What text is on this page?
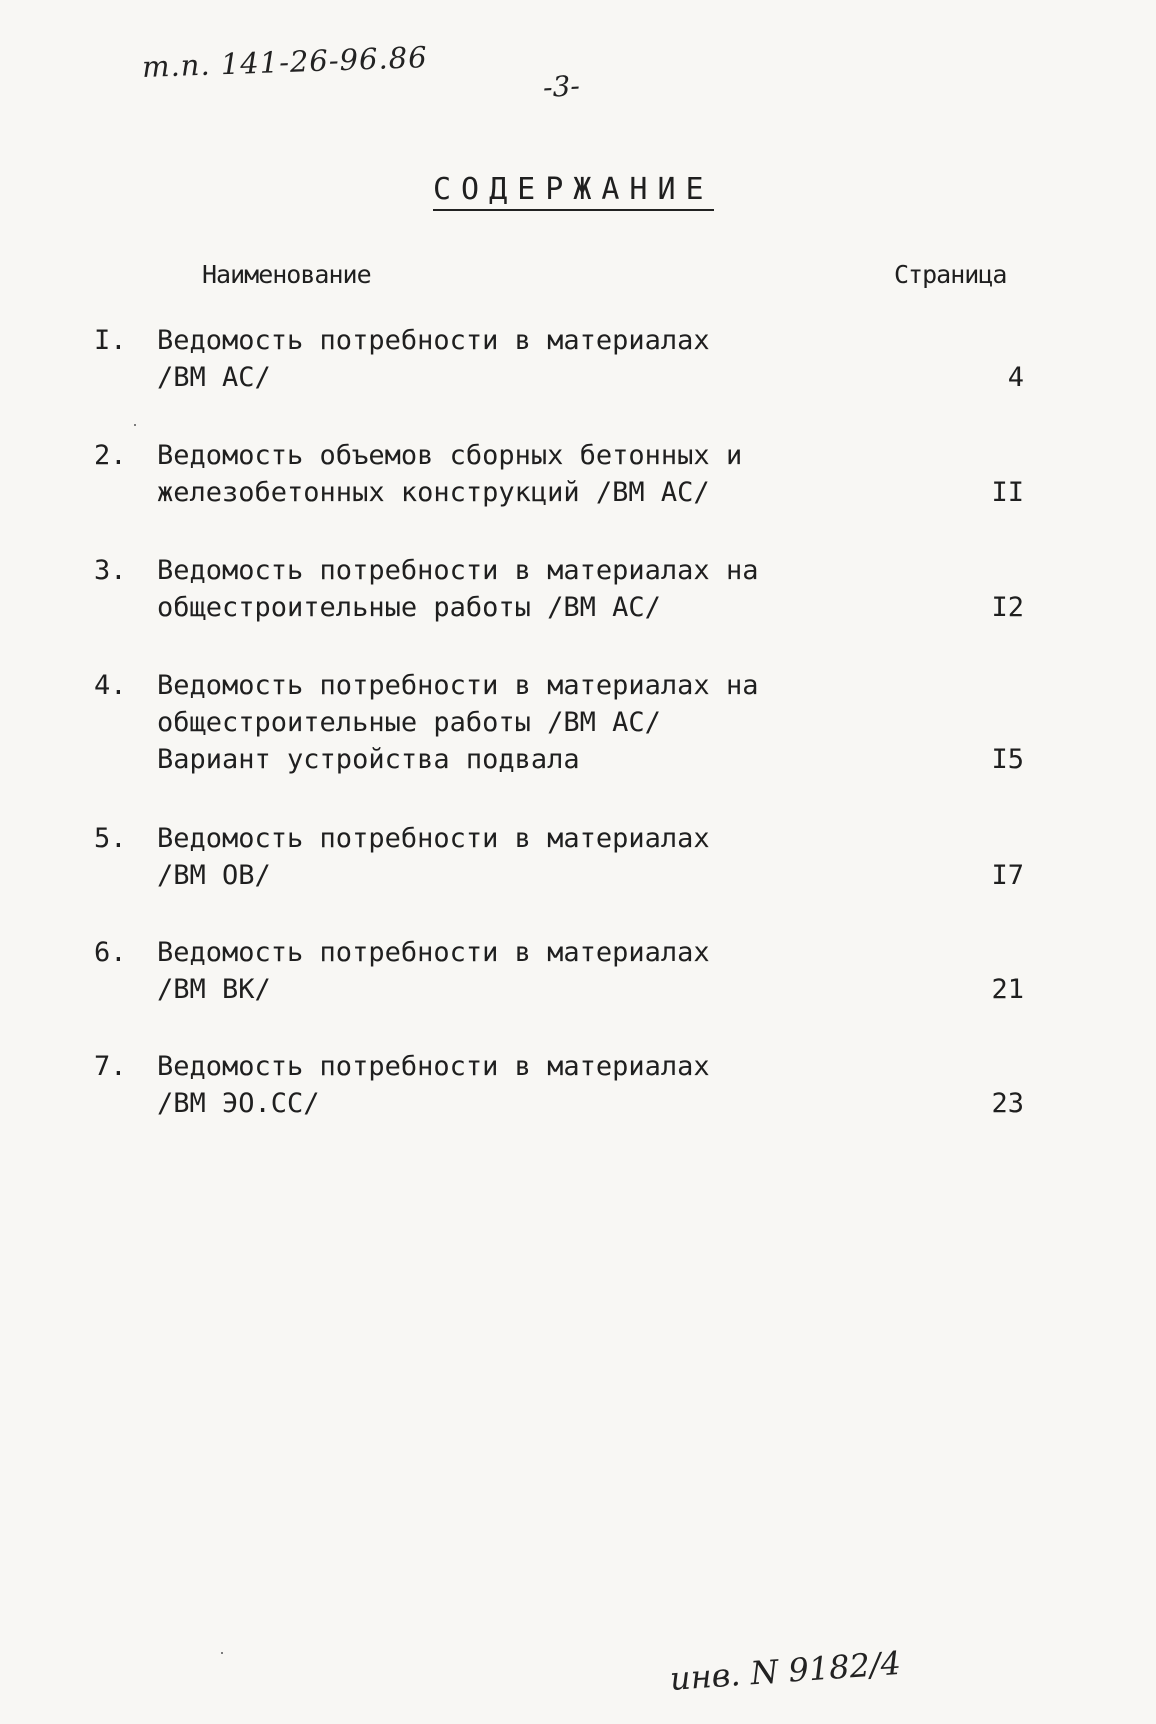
т.п. 141-26-96.86
-3-
СОДЕРЖАНИЕ
Наименование	Страница
I.	Ведомость потребности в материалах
/ВМ АС/	4
2.	Ведомость объемов сборных бетонных и
железобетонных конструкций /ВМ АС/	II
3.	Ведомость потребности в материалах на
общестроительные работы /ВМ АС/	I2
4.	Ведомость потребности в материалах на
общестроительные работы /ВМ АС/
Вариант устройства подвала	I5
5.	Ведомость потребности в материалах
/ВМ ОВ/	I7
6.	Ведомость потребности в материалах
/ВМ ВК/	21
7.	Ведомость потребности в материалах
/ВМ ЭО.СС/	23
инв. N 9182/4
